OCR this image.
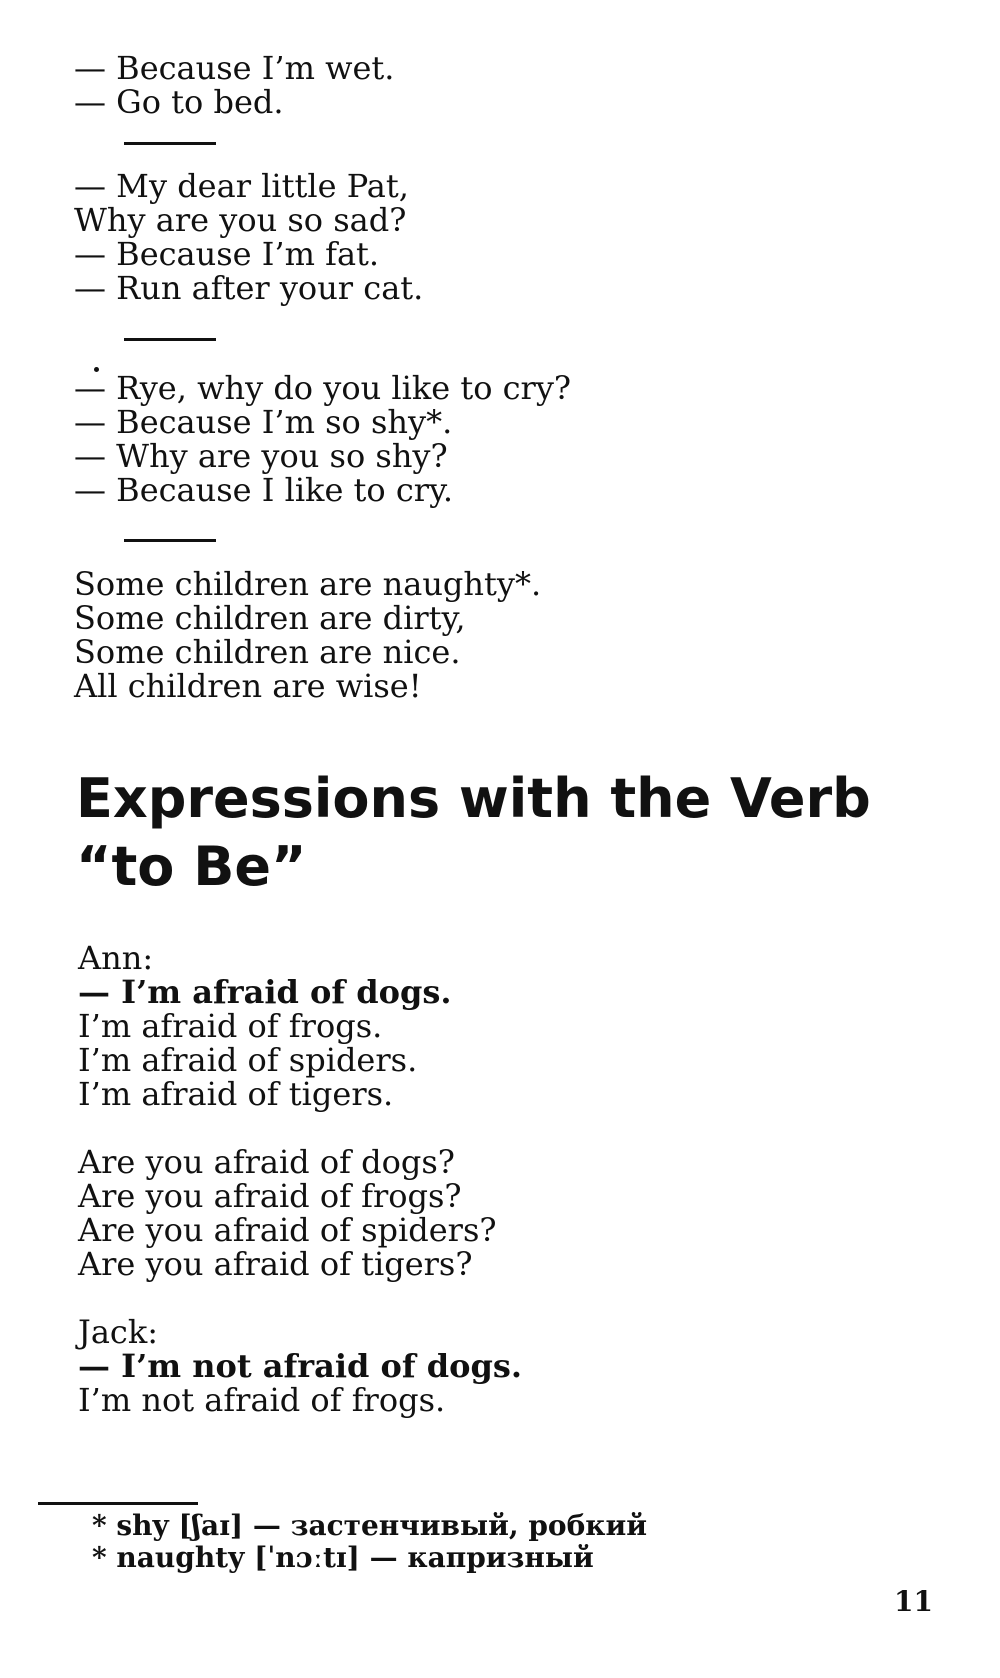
— Because I’m wet.
— Go to bed.
— My dear little Pat,
Why are you so sad?
— Because I’m fat.
— Run after your cat.
— Rye, why do you like to cry?
— Because I’m so shy*.
— Why are you so shy?
— Because I like to cry.
Some children are naughty*.
Some children are dirty,
Some children are nice.
All children are wise!
Expressions with the Verb
“to Be”
Ann:
— I’m afraid of dogs.
I’m afraid of frogs.
I’m afraid of spiders.
I’m afraid of tigers.
Are you afraid of dogs?
Are you afraid of frogs?
Are you afraid of spiders?
Are you afraid of tigers?
Jack:
— I’m not afraid of dogs.
I’m not afraid of frogs.
* shy [ʃaɪ] — застенчивый, робкий
* naughty [ˈnɔːtɪ] — капризный
11
